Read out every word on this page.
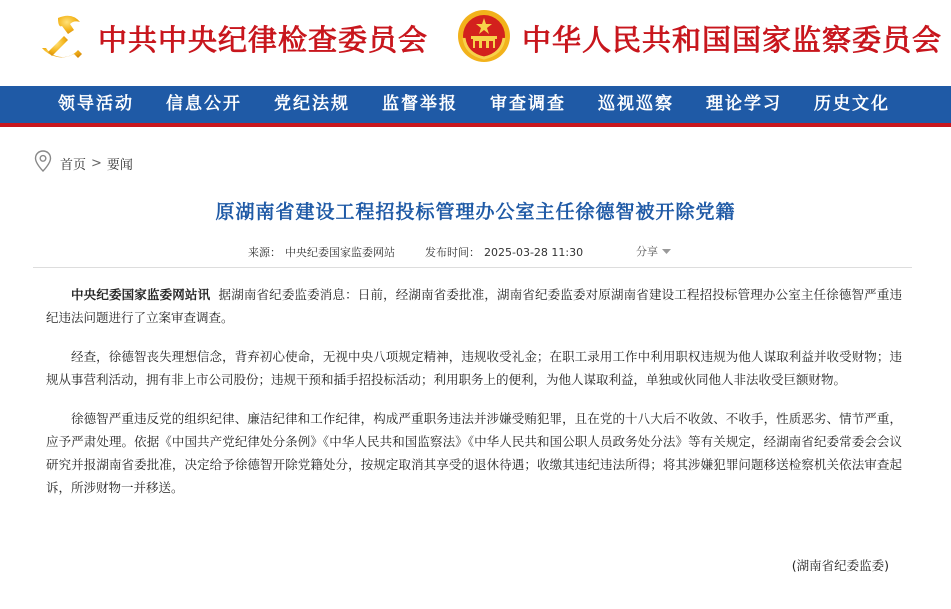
中共中央纪律检查委员会	中华人民共和国国家监察委员会
领导活动 信息公开 党纪法规 监督举报 审查调查 巡视巡察 理论学习 历史文化
首页 > 要闻
原湖南省建设工程招投标管理办公室主任徐德智被开除党籍
来源： 中央纪委国家监委网站	发布时间： 2025-03-28 11:30	分享

中央纪委国家监委网站讯 据湖南省纪委监委消息：日前，经湖南省委批准，湖南省纪委监委对原湖南省建设工程招投标管理办公室主任徐德智严重违纪违法问题进行了立案审查调查。

经查，徐德智丧失理想信念，背弃初心使命，无视中央八项规定精神，违规收受礼金；在职工录用工作中利用职权违规为他人谋取利益并收受财物；违规从事营利活动，拥有非上市公司股份；违规干预和插手招投标活动；利用职务上的便利，为他人谋取利益，单独或伙同他人非法收受巨额财物。

徐德智严重违反党的组织纪律、廉洁纪律和工作纪律，构成严重职务违法并涉嫌受贿犯罪，且在党的十八大后不收敛、不收手，性质恶劣、情节严重，应予严肃处理。依据《中国共产党纪律处分条例》《中华人民共和国监察法》《中华人民共和国公职人员政务处分法》等有关规定，经湖南省纪委常委会会议研究并报湖南省委批准，决定给予徐德智开除党籍处分，按规定取消其享受的退休待遇；收缴其违纪违法所得；将其涉嫌犯罪问题移送检察机关依法审查起诉，所涉财物一并移送。

(湖南省纪委监委)
